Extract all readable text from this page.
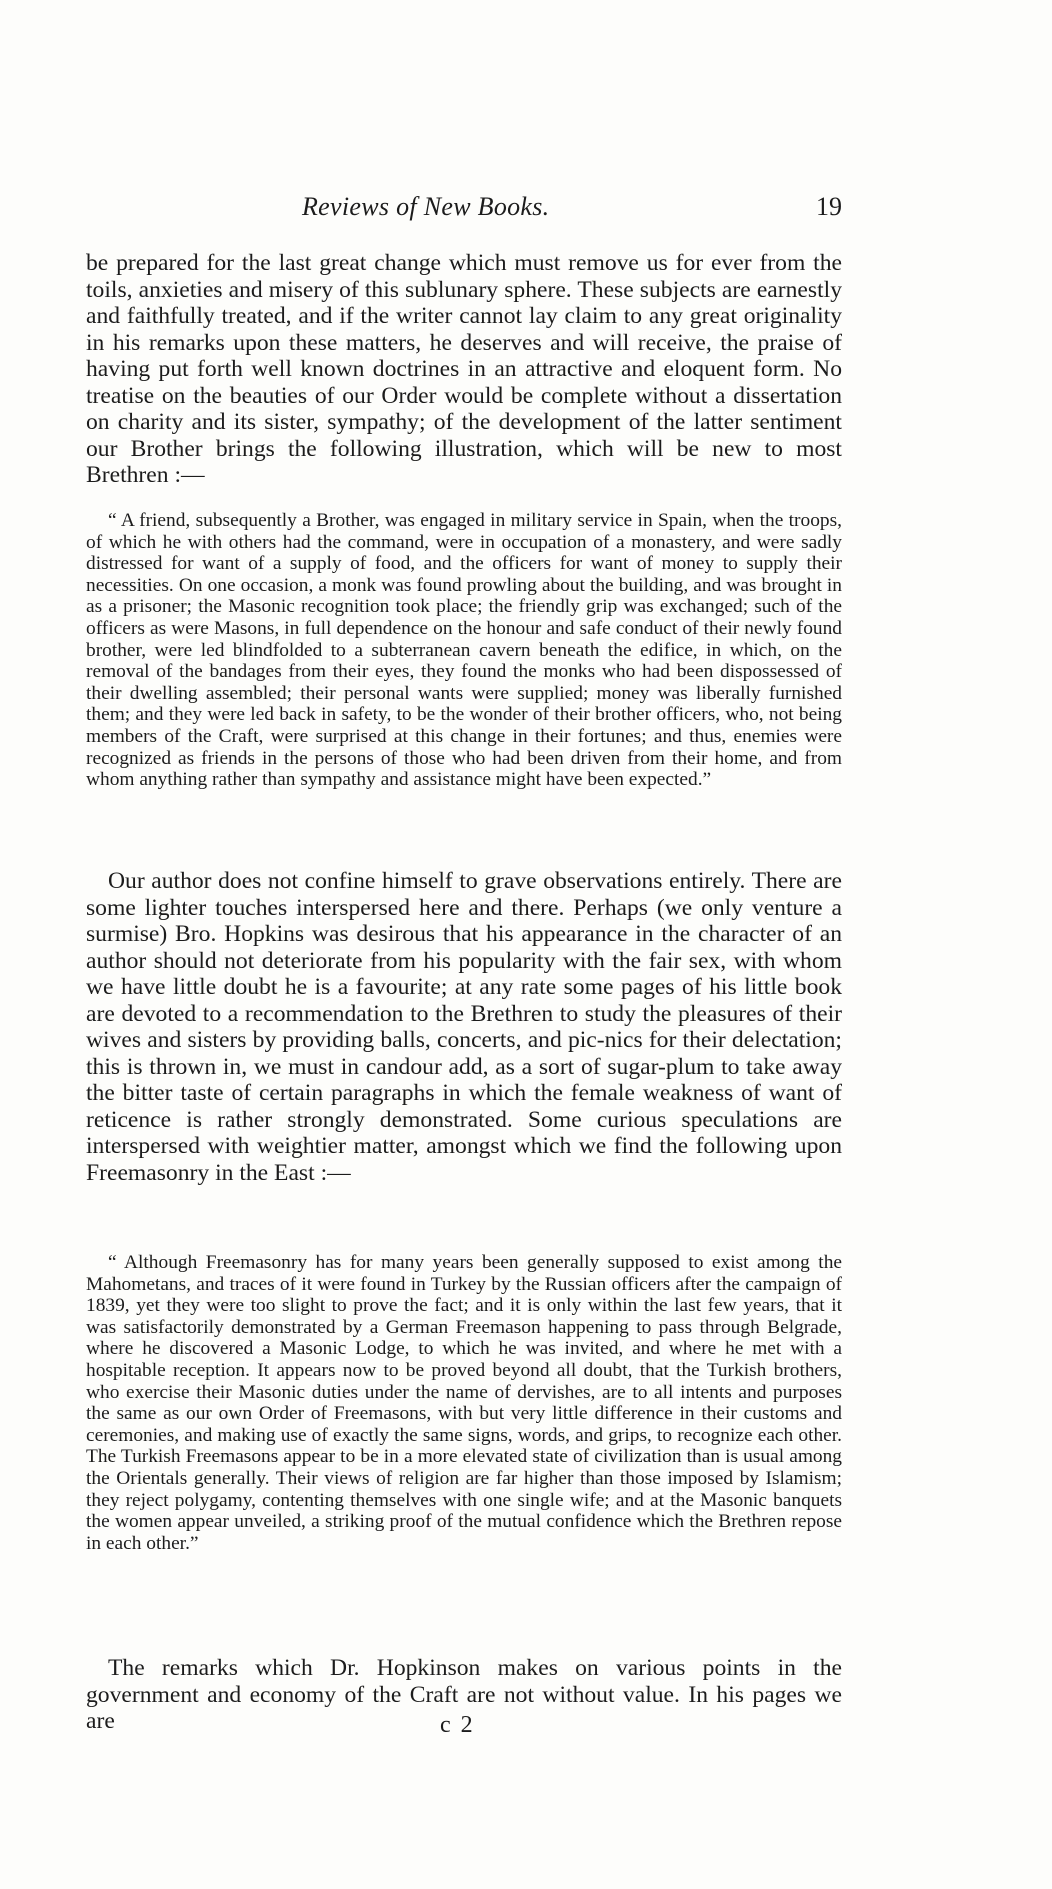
Reviews of New Books.	19

be prepared for the last great change which must remove us for ever from the toils, anxieties and misery of this sublunary sphere. These subjects are earnestly and faithfully treated, and if the writer cannot lay claim to any great originality in his remarks upon these matters, he deserves and will receive, the praise of having put forth well known doctrines in an attractive and eloquent form. No treatise on the beauties of our Order would be complete without a dissertation on charity and its sister, sympathy; of the development of the latter sentiment our Brother brings the following illustration, which will be new to most Brethren :—

“ A friend, subsequently a Brother, was engaged in military service in Spain, when the troops, of which he with others had the command, were in occupation of a monastery, and were sadly distressed for want of a supply of food, and the officers for want of money to supply their necessities. On one occasion, a monk was found prowling about the building, and was brought in as a prisoner; the Masonic recognition took place; the friendly grip was exchanged; such of the officers as were Masons, in full dependence on the honour and safe conduct of their newly found brother, were led blindfolded to a subterranean cavern beneath the edifice, in which, on the removal of the bandages from their eyes, they found the monks who had been dispossessed of their dwelling assembled; their personal wants were supplied; money was liberally furnished them; and they were led back in safety, to be the wonder of their brother officers, who, not being members of the Craft, were surprised at this change in their fortunes; and thus, enemies were recognized as friends in the persons of those who had been driven from their home, and from whom anything rather than sympathy and assistance might have been expected.”

Our author does not confine himself to grave observations entirely. There are some lighter touches interspersed here and there. Perhaps (we only venture a surmise) Bro. Hopkins was desirous that his appearance in the character of an author should not deteriorate from his popularity with the fair sex, with whom we have little doubt he is a favourite; at any rate some pages of his little book are devoted to a recommendation to the Brethren to study the pleasures of their wives and sisters by providing balls, concerts, and pic-nics for their delectation; this is thrown in, we must in candour add, as a sort of sugar-plum to take away the bitter taste of certain paragraphs in which the female weakness of want of reticence is rather strongly demonstrated. Some curious speculations are interspersed with weightier matter, amongst which we find the following upon Freemasonry in the East :—

“ Although Freemasonry has for many years been generally supposed to exist among the Mahometans, and traces of it were found in Turkey by the Russian officers after the campaign of 1839, yet they were too slight to prove the fact; and it is only within the last few years, that it was satisfactorily demonstrated by a German Freemason happening to pass through Belgrade, where he discovered a Masonic Lodge, to which he was invited, and where he met with a hospitable reception. It appears now to be proved beyond all doubt, that the Turkish brothers, who exercise their Masonic duties under the name of dervishes, are to all intents and purposes the same as our own Order of Freemasons, with but very little difference in their customs and ceremonies, and making use of exactly the same signs, words, and grips, to recognize each other. The Turkish Freemasons appear to be in a more elevated state of civilization than is usual among the Orientals generally. Their views of religion are far higher than those imposed by Islamism; they reject polygamy, contenting themselves with one single wife; and at the Masonic banquets the women appear unveiled, a striking proof of the mutual confidence which the Brethren repose in each other.”

The remarks which Dr. Hopkinson makes on various points in the government and economy of the Craft are not without value. In his pages we are	c 2
